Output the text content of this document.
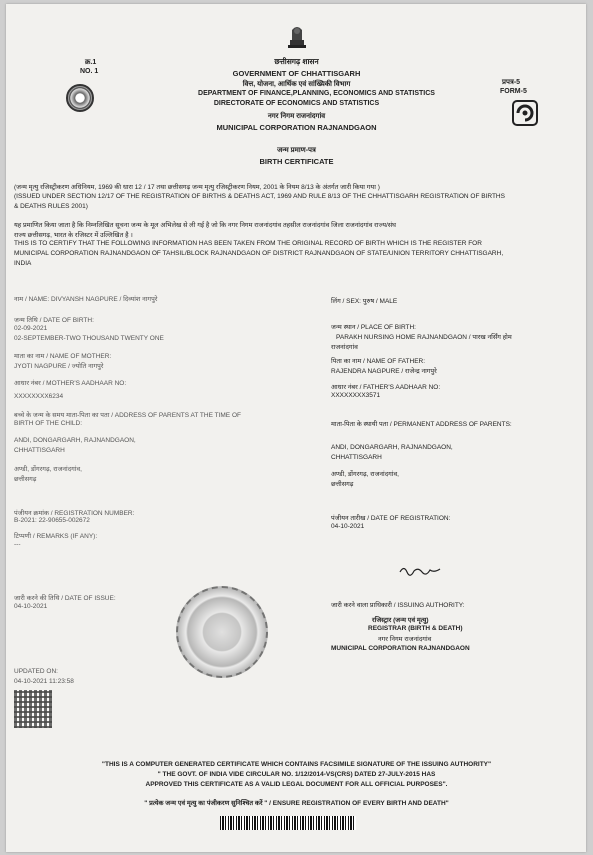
क्र.1
NO. 1
प्रपत्र-5
FORM-5
छत्तीसगढ़ शासन
GOVERNMENT OF CHHATTISGARH
वित्त, योजना, आर्थिक एवं सांख्यिकी विभाग
DEPARTMENT OF FINANCE,PLANNING, ECONOMICS AND STATISTICS
DIRECTORATE OF ECONOMICS AND STATISTICS
नगर निगम राजनांदगांव
MUNICIPAL CORPORATION RAJNANDGAON
जन्म प्रमाण-पत्र
BIRTH CERTIFICATE
(जन्म मृत्यु रजिस्ट्रीकरण अधिनियम, 1969 की धारा 12 / 17 तथा छत्तीसगढ़ जन्म मृत्यु रजिस्ट्रीकरण नियम, 2001 के नियम 8/13 के अंतर्गत जारी किया गया )
(ISSUED UNDER SECTION 12/17 OF THE REGISTRATION OF BIRTHS & DEATHS ACT, 1969 AND RULE 8/13 OF THE CHHATTISGARH REGISTRATION OF BIRTHS
& DEATHS RULES 2001)
यह प्रमाणित किया जाता है कि निम्नलिखित सूचना जन्म के मूल अभिलेख से ली गई है जो कि नगर निगम राजनांदगांव तहसील राजनांदगांव जिला राजनांदगांव राज्य/संघ
राज्य छत्तीसगढ़, भारत के रजिस्टर में उल्लिखित है ।
THIS IS TO CERTIFY THAT THE FOLLOWING INFORMATION HAS BEEN TAKEN FROM THE ORIGINAL RECORD OF BIRTH WHICH IS THE REGISTER FOR
MUNICIPAL CORPORATION RAJNANDGAON OF TAHSIL/BLOCK RAJNANDGAON OF DISTRICT RAJNANDGAON OF STATE/UNION TERRITORY CHHATTISGARH,
INDIA
नाम / NAME: DIVYANSH NAGPURE / दिव्यांश नागपुरे
जन्म तिथि / DATE OF BIRTH:
02-09-2021
02-SEPTEMBER-TWO THOUSAND TWENTY ONE
माता का नाम / NAME OF MOTHER:
JYOTI NAGPURE / ज्योति नागपुरे
आधार नंबर / MOTHER'S AADHAAR NO:
XXXXXXXX6234
बच्चे के जन्म के समय माता-पिता का पता / ADDRESS OF PARENTS AT THE TIME OF
BIRTH OF THE CHILD:
ANDI, DONGARGARH, RAJNANDGAON,
CHHATTISGARH
अण्डी, डोंगरगढ़, राजनांदगांव,
छत्तीसगढ़
पंजीयन क्रमांक / REGISTRATION NUMBER:
B-2021: 22-90655-002672
टिप्पणी / REMARKS (IF ANY):
---
जारी करने की तिथि / DATE OF ISSUE:
04-10-2021
UPDATED ON:
04-10-2021 11:23:58
लिंग / SEX: पुरुष / MALE
जन्म स्थान / PLACE OF BIRTH:
PARAKH NURSING HOME RAJNANDGAON / पारख नर्सिंग होम
राजनांदगांव
पिता का नाम / NAME OF FATHER:
RAJENDRA NAGPURE / राजेन्द्र नागपुरे
आधार नंबर / FATHER'S AADHAAR NO:
XXXXXXXX3571
माता-पिता के स्थायी पता / PERMANENT ADDRESS OF PARENTS:
ANDI, DONGARGARH, RAJNANDGAON,
CHHATTISGARH
अण्डी, डोंगरगढ़, राजनांदगांव,
छत्तीसगढ़
पंजीयन तारीख / DATE OF REGISTRATION:
04-10-2021
जारी करने वाला प्राधिकारी / ISSUING AUTHORITY:
रजिस्ट्रार (जन्म एवं मृत्यु)
REGISTRAR (BIRTH & DEATH)
नगर निगम राजनांदगांव
MUNICIPAL CORPORATION RAJNANDGAON
"THIS IS A COMPUTER GENERATED CERTIFICATE WHICH CONTAINS FACSIMILE SIGNATURE OF THE ISSUING AUTHORITY"
" THE GOVT. OF INDIA VIDE CIRCULAR NO. 1/12/2014-VS(CRS) DATED 27-JULY-2015 HAS
APPROVED THIS CERTIFICATE AS A VALID LEGAL DOCUMENT FOR ALL OFFICIAL PURPOSES".
" प्रत्येक जन्म एवं मृत्यु का पंजीकरण सुनिश्चित करें " / ENSURE REGISTRATION OF EVERY BIRTH AND DEATH"
